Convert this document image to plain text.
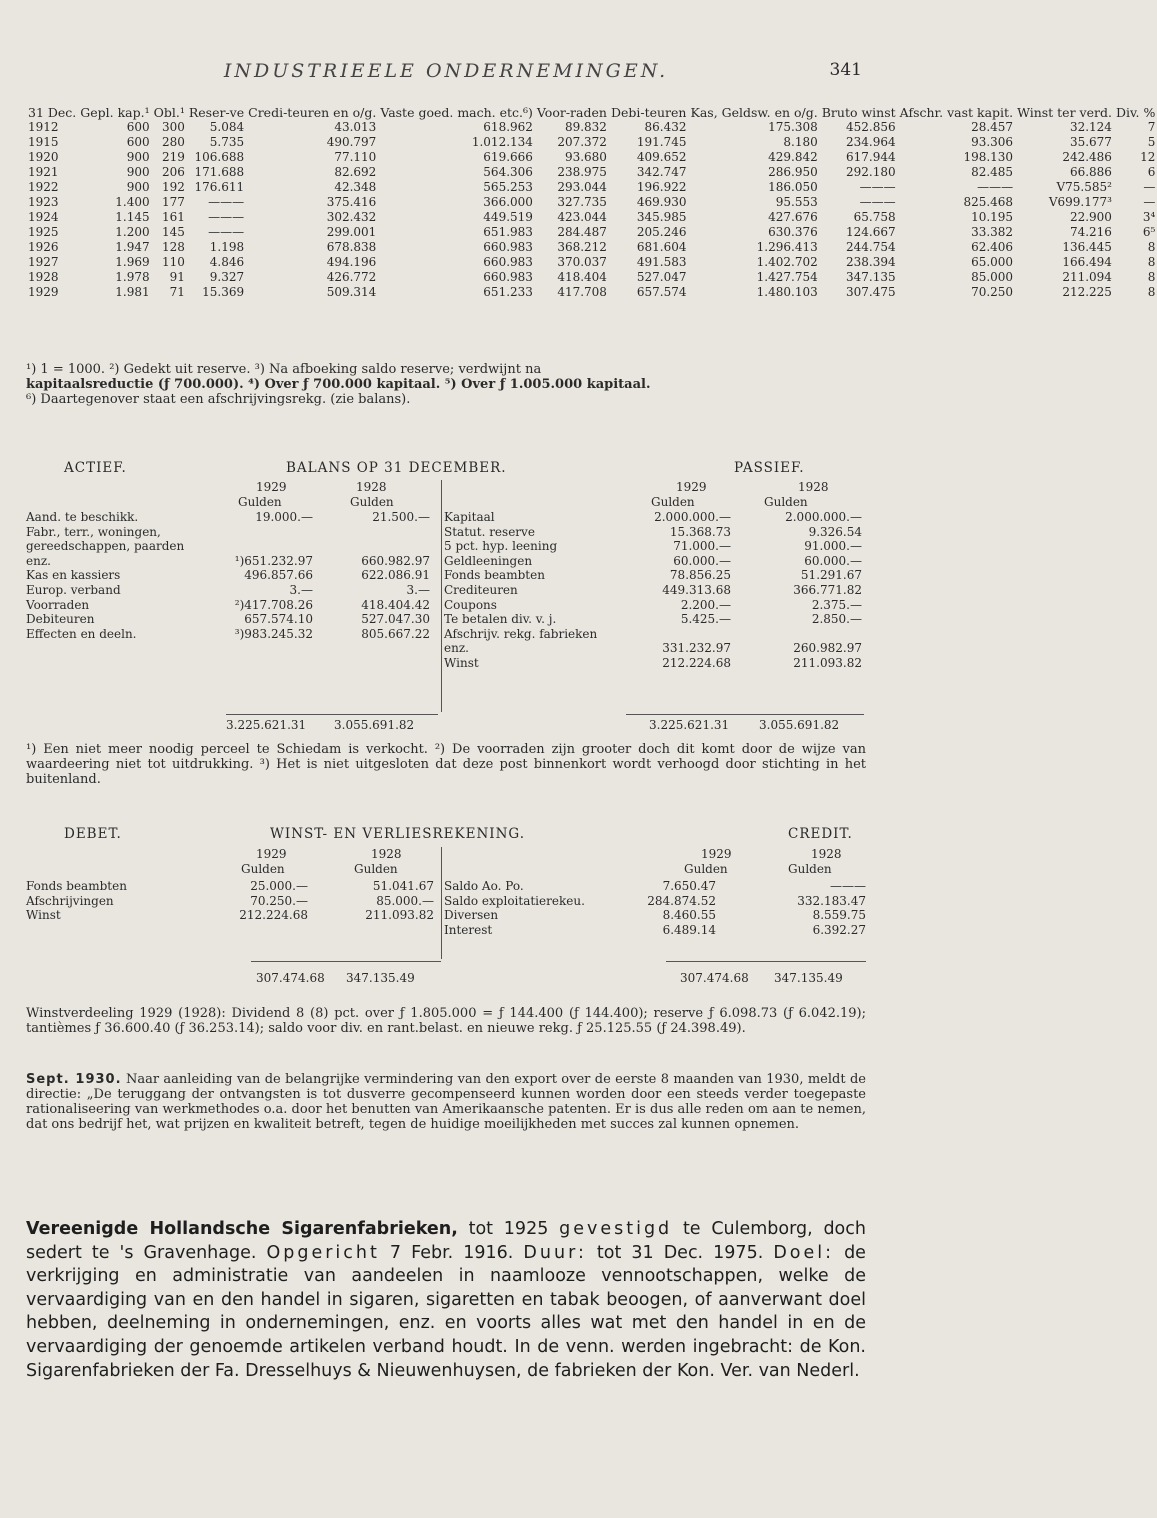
INDUSTRIEELE ONDERNEMINGEN.	341
31 Dec.	Gepl. kap.¹	Obl.¹	Reser-ve	Credi-teuren en o/g.	Vaste goed. mach. etc.⁶)	Voor-raden	Debi-teuren	Kas, Geldsw. en o/g.	Bruto winst	Afschr. vast kapit.	Winst ter verd.	Div. %
1912	600	300	5.084	43.013	618.962	89.832	86.432	175.308	452.856	28.457	32.124	7
1915	600	280	5.735	490.797	1.012.134	207.372	191.745	8.180	234.964	93.306	35.677	5
1920	900	219	106.688	77.110	619.666	93.680	409.652	429.842	617.944	198.130	242.486	12
1921	900	206	171.688	82.692	564.306	238.975	342.747	286.950	292.180	82.485	66.886	6
1922	900	192	176.611	42.348	565.253	293.044	196.922	186.050	———	———	V75.585²	—
1923	1.400	177	———	375.416	366.000	327.735	469.930	95.553	———	825.468	V699.177³	—
1924	1.145	161	———	302.432	449.519	423.044	345.985	427.676	65.758	10.195	22.900	3⁴
1925	1.200	145	———	299.001	651.983	284.487	205.246	630.376	124.667	33.382	74.216	6⁵
1926	1.947	128	1.198	678.838	660.983	368.212	681.604	1.296.413	244.754	62.406	136.445	8
1927	1.969	110	4.846	494.196	660.983	370.037	491.583	1.402.702	238.394	65.000	166.494	8
1928	1.978	91	9.327	426.772	660.983	418.404	527.047	1.427.754	347.135	85.000	211.094	8
1929	1.981	71	15.369	509.314	651.233	417.708	657.574	1.480.103	307.475	70.250	212.225	8
¹) 1 = 1000. ²) Gedekt uit reserve. ³) Na afboeking saldo reserve; verdwijnt na
kapitaalsreductie (ƒ 700.000). ⁴) Over ƒ 700.000 kapitaal. ⁵) Over ƒ 1.005.000 kapitaal.
⁶) Daartegenover staat een afschrijvingsrekg. (zie balans).
ACTIEF.	BALANS OP 31 DECEMBER.	PASSIEF.
1929	1928	1929	1928
Gulden	Gulden	Gulden	Gulden
Aand. te beschikk.	19.000.—	21.500.—
Fabr., terr., woningen, gereedschappen, paarden enz.	¹)651.232.97	660.982.97
Kas en kassiers	496.857.66	622.086.91
Europ. verband	3.—	3.—
Voorraden	²)417.708.26	418.404.42
Debiteuren	657.574.10	527.047.30
Effecten en deeln.	³)983.245.32	805.667.22
Kapitaal	2.000.000.—	2.000.000.—
Statut. reserve	15.368.73	9.326.54
5 pct. hyp. leening	71.000.—	91.000.—
Geldleeningen	60.000.—	60.000.—
Fonds beambten	78.856.25	51.291.67
Crediteuren	449.313.68	366.771.82
Coupons	2.200.—	2.375.—
Te betalen div. v. j.	5.425.—	2.850.—
Afschrijv. rekg. fabrieken enz.	331.232.97	260.982.97
Winst	212.224.68	211.093.82
3.225.621.31 3.055.691.82	3.225.621.31 3.055.691.82
¹) Een niet meer noodig perceel te Schiedam is verkocht. ²) De voorraden zijn grooter doch dit komt door de wijze van waardeering niet tot uitdrukking. ³) Het is niet uitgesloten dat deze post binnenkort wordt verhoogd door stichting in het buitenland.
DEBET.	WINST- EN VERLIESREKENING.	CREDIT.
1929	1928	1929	1928
Gulden	Gulden	Gulden	Gulden
Fonds beambten	25.000.—	51.041.67
Afschrijvingen	70.250.—	85.000.—
Winst	212.224.68	211.093.82
Saldo Ao. Po.	7.650.47	———
Saldo exploitatierekeu.	284.874.52	332.183.47
Diversen	8.460.55	8.559.75
Interest	6.489.14	6.392.27
307.474.68 347.135.49	307.474.68 347.135.49
Winstverdeeling 1929 (1928): Dividend 8 (8) pct. over ƒ 1.805.000 = ƒ 144.400 (ƒ 144.400); reserve ƒ 6.098.73 (ƒ 6.042.19); tantièmes ƒ 36.600.40 (ƒ 36.253.14); saldo voor div. en rant.belast. en nieuwe rekg. ƒ 25.125.55 (ƒ 24.398.49).
Sept. 1930. Naar aanleiding van de belangrijke vermindering van den export over de eerste 8 maanden van 1930, meldt de directie: „De teruggang der ontvangsten is tot dusverre gecompenseerd kunnen worden door een steeds verder toegepaste rationaliseering van werkmethodes o.a. door het benutten van Amerikaansche patenten. Er is dus alle reden om aan te nemen, dat ons bedrijf het, wat prijzen en kwaliteit betreft, tegen de huidige moeilijkheden met succes zal kunnen opnemen.
Vereenigde Hollandsche Sigarenfabrieken, tot 1925 gevestigd te Culemborg, doch sedert te 's Gravenhage. Opgericht 7 Febr. 1916. Duur: tot 31 Dec. 1975. Doel: de verkrijging en administratie van aandeelen in naamlooze vennootschappen, welke de vervaardiging van en den handel in sigaren, sigaretten en tabak beoogen, of aanverwant doel hebben, deelneming in ondernemingen, enz. en voorts alles wat met den handel in en de vervaardiging der genoemde artikelen verband houdt. In de venn. werden ingebracht: de Kon. Sigarenfabrieken der Fa. Dresselhuys & Nieuwenhuysen, de fabrieken der Kon. Ver. van Nederl.
